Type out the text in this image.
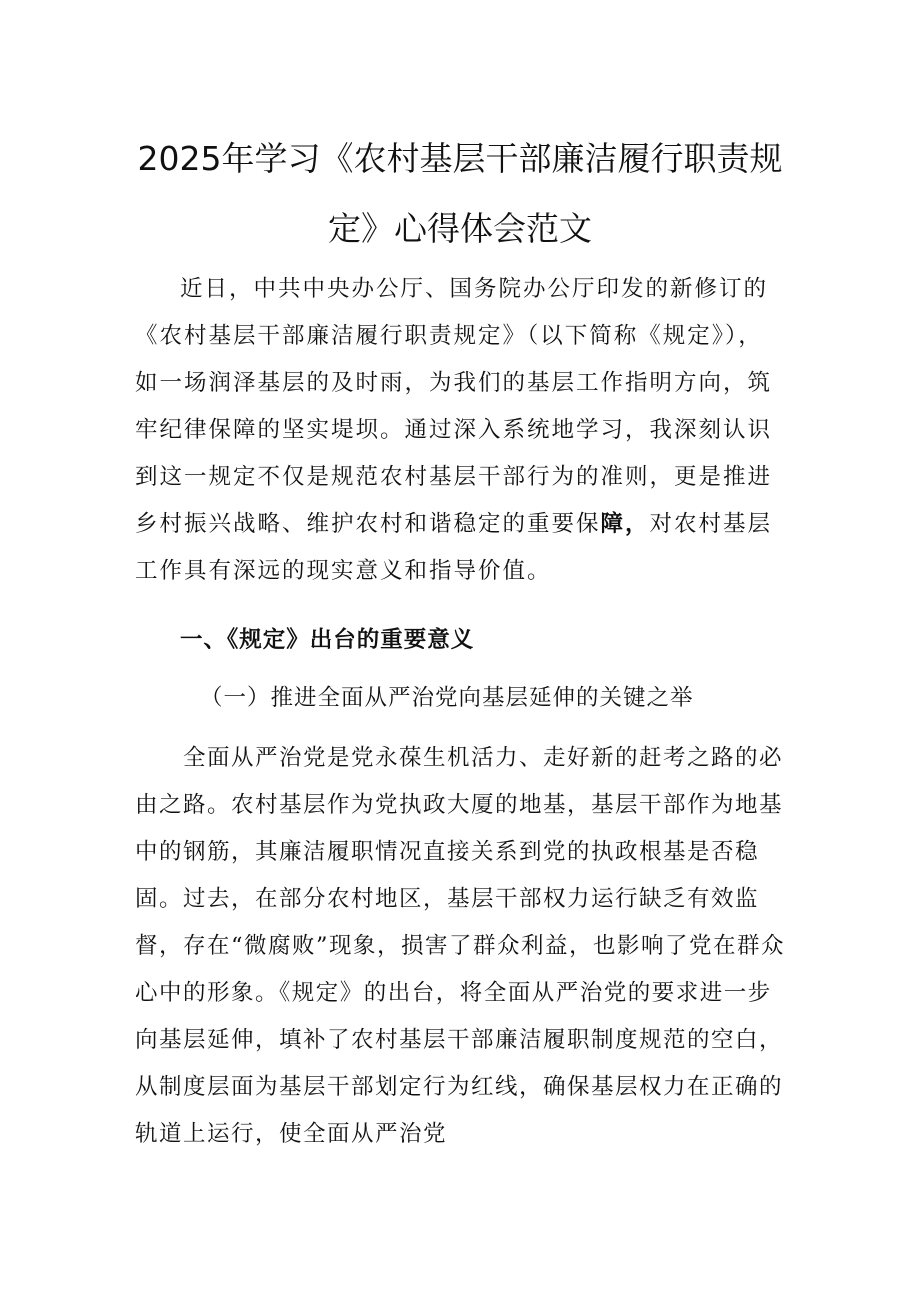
2025年学习《农村基层干部廉洁履行职责规
定》心得体会范文
近日，中共中央办公厅、国务院办公厅印发的新修订的《农村基层干部廉洁履行职责规定》（以下简称《规定》），如一场润泽基层的及时雨，为我们的基层工作指明方向，筑牢纪律保障的坚实堤坝。通过深入系统地学习，我深刻认识到这一规定不仅是规范农村基层干部行为的准则，更是推进乡村振兴战略、维护农村和谐稳定的重要保障，对农村基层工作具有深远的现实意义和指导价值。
一、《规定》出台的重要意义
（一）推进全面从严治党向基层延伸的关键之举
全面从严治党是党永葆生机活力、走好新的赶考之路的必由之路。农村基层作为党执政大厦的地基，基层干部作为地基中的钢筋，其廉洁履职情况直接关系到党的执政根基是否稳固。过去，在部分农村地区，基层干部权力运行缺乏有效监督，存在“微腐败”现象，损害了群众利益，也影响了党在群众心中的形象。《规定》的出台，将全面从严治党的要求进一步向基层延伸，填补了农村基层干部廉洁履职制度规范的空白，从制度层面为基层干部划定行为红线，确保基层权力在正确的轨道上运行，使全面从严治党
